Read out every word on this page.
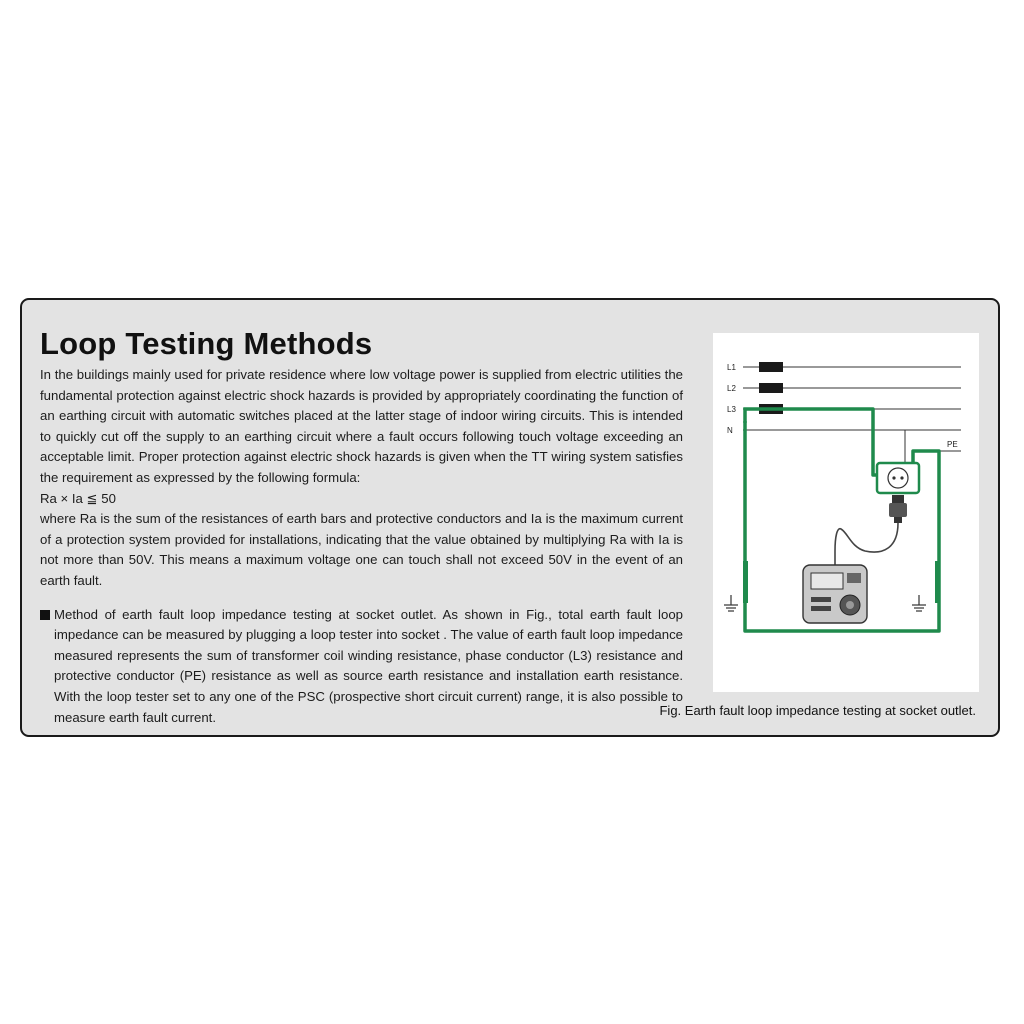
Loop Testing Methods

In the buildings mainly used for private residence where low voltage power is supplied from electric utilities the fundamental protection against electric shock hazards is provided by appropriately coordinating the function of an earthing circuit with automatic switches placed at the latter stage of indoor wiring circuits. This is intended to quickly cut off the supply to an earthing circuit where a fault occurs following touch voltage exceeding an acceptable limit. Proper protection against electric shock hazards is given when the TT wiring system satisfies the requirement as expressed by the following formula:

Ra × Ia ≦ 50

where Ra is the sum of the resistances of earth bars and protective conductors and Ia is the maximum current of a protection system provided for installations, indicating that the value obtained by multiplying Ra with Ia is not more than 50V. This means a maximum voltage one can touch shall not exceed 50V in the event of an earth fault.

Method of earth fault loop impedance testing at socket outlet. As shown in Fig., total earth fault loop impedance can be measured by plugging a loop tester into socket . The value of earth fault loop impedance measured represents the sum of transformer coil winding resistance, phase conductor (L3) resistance and protective conductor (PE) resistance as well as source earth resistance and installation earth resistance. With the loop tester set to any one of the PSC (prospective short circuit current) range, it is also possible to measure earth fault current.
L1
L2
L3
N
PE

Fig. Earth fault loop impedance testing at socket outlet.
